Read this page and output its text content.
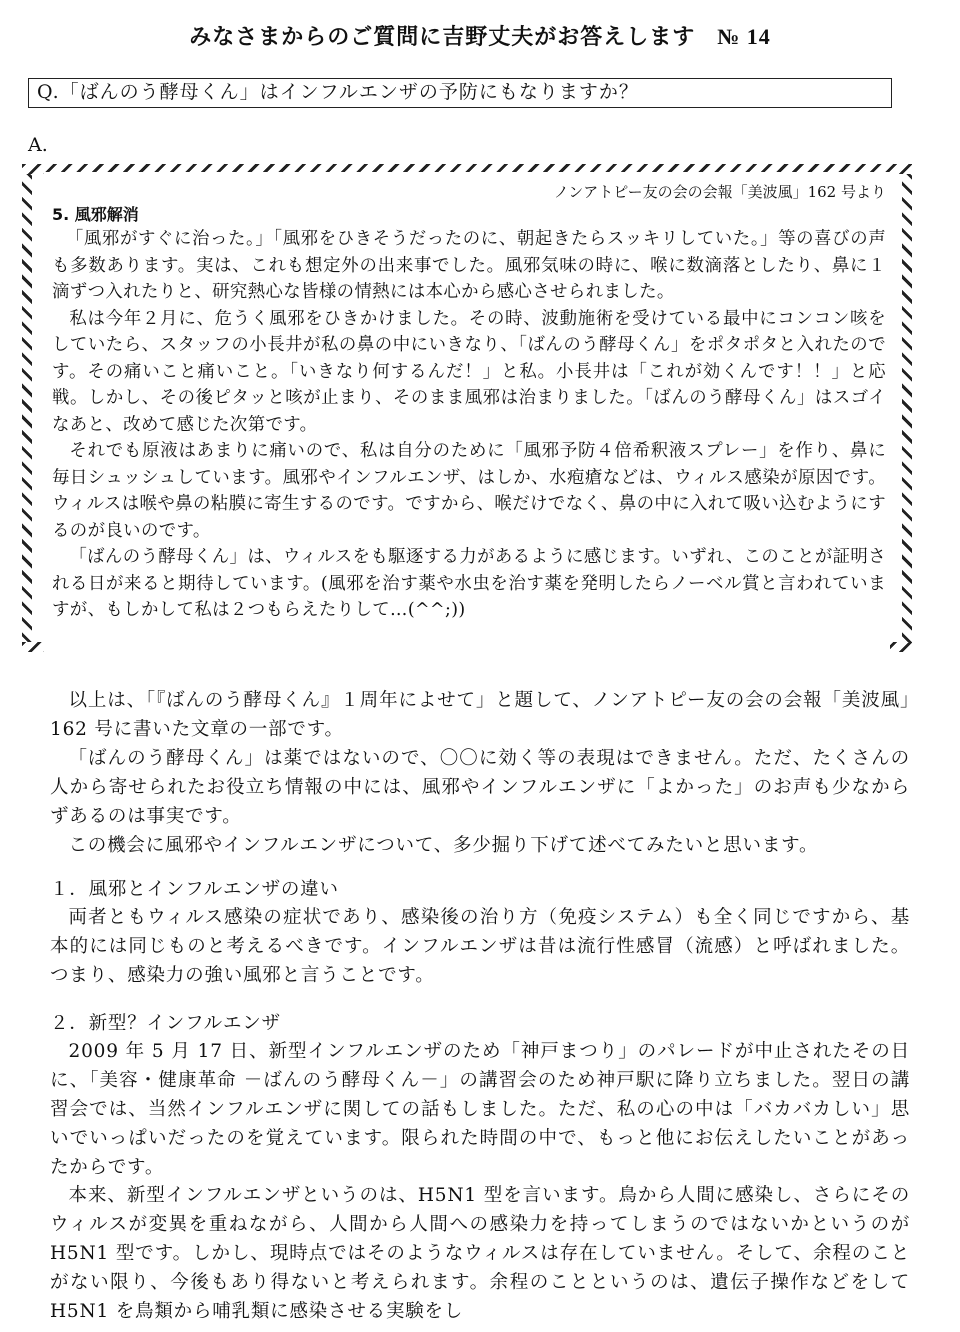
みなさまからのご質問に吉野丈夫がお答えします № 14
Q.「ばんのう酵母くん」はインフルエンザの予防にもなりますか？
A.
ノンアトピー友の会の会報「美波風」162 号より
5. 風邪解消

「風邪がすぐに治った。」「風邪をひきそうだったのに、朝起きたらスッキリしていた。」等の喜びの声も多数あります。実は、これも想定外の出来事でした。風邪気味の時に、喉に数滴落としたり、鼻に１滴ずつ入れたりと、研究熱心な皆様の情熱には本心から感心させられました。

私は今年２月に、危うく風邪をひきかけました。その時、波動施術を受けている最中にコンコン咳をしていたら、スタッフの小長井が私の鼻の中にいきなり、「ばんのう酵母くん」をポタポタと入れたのです。その痛いこと痛いこと。「いきなり何するんだ！」と私。小長井は「これが効くんです！！」と応戦。しかし、その後ピタッと咳が止まり、そのまま風邪は治まりました。「ばんのう酵母くん」はスゴイなあと、改めて感じた次第です。

それでも原液はあまりに痛いので、私は自分のために「風邪予防４倍希釈液スプレー」を作り、鼻に毎日シュッシュしています。風邪やインフルエンザ、はしか、水疱瘡などは、ウィルス感染が原因です。ウィルスは喉や鼻の粘膜に寄生するのです。ですから、喉だけでなく、鼻の中に入れて吸い込むようにするのが良いのです。

「ばんのう酵母くん」は、ウィルスをも駆逐する力があるように感じます。いずれ、このことが証明される日が来ると期待しています。(風邪を治す薬や水虫を治す薬を発明したらノーベル賞と言われていますが、もしかして私は２つもらえたりして…(^^;))

以上は、「『ばんのう酵母くん』１周年によせて」と題して、ノンアトピー友の会の会報「美波風」162 号に書いた文章の一部です。

「ばんのう酵母くん」は薬ではないので、〇〇に効く等の表現はできません。ただ、たくさんの人から寄せられたお役立ち情報の中には、風邪やインフルエンザに「よかった」のお声も少なからずあるのは事実です。

この機会に風邪やインフルエンザについて、多少掘り下げて述べてみたいと思います。

１．風邪とインフルエンザの違い

両者ともウィルス感染の症状であり、感染後の治り方（免疫システム）も全く同じですから、基本的には同じものと考えるべきです。インフルエンザは昔は流行性感冒（流感）と呼ばれました。つまり、感染力の強い風邪と言うことです。

２．新型？インフルエンザ

2009 年 5 月 17 日、新型インフルエンザのため「神戸まつり」のパレードが中止されたその日に、「美容・健康革命 －ばんのう酵母くん－」の講習会のため神戸駅に降り立ちました。翌日の講習会では、当然インフルエンザに関しての話もしました。ただ、私の心の中は「バカバカしい」思いでいっぱいだったのを覚えています。限られた時間の中で、もっと他にお伝えしたいことがあったからです。

本来、新型インフルエンザというのは、H5N1 型を言います。鳥から人間に感染し、さらにそのウィルスが変異を重ねながら、人間から人間への感染力を持ってしまうのではないかというのが H5N1 型です。しかし、現時点ではそのようなウィルスは存在していません。そして、余程のことがない限り、今後もあり得ないと考えられます。余程のことというのは、遺伝子操作などをして H5N1 を鳥類から哺乳類に感染させる実験をし
